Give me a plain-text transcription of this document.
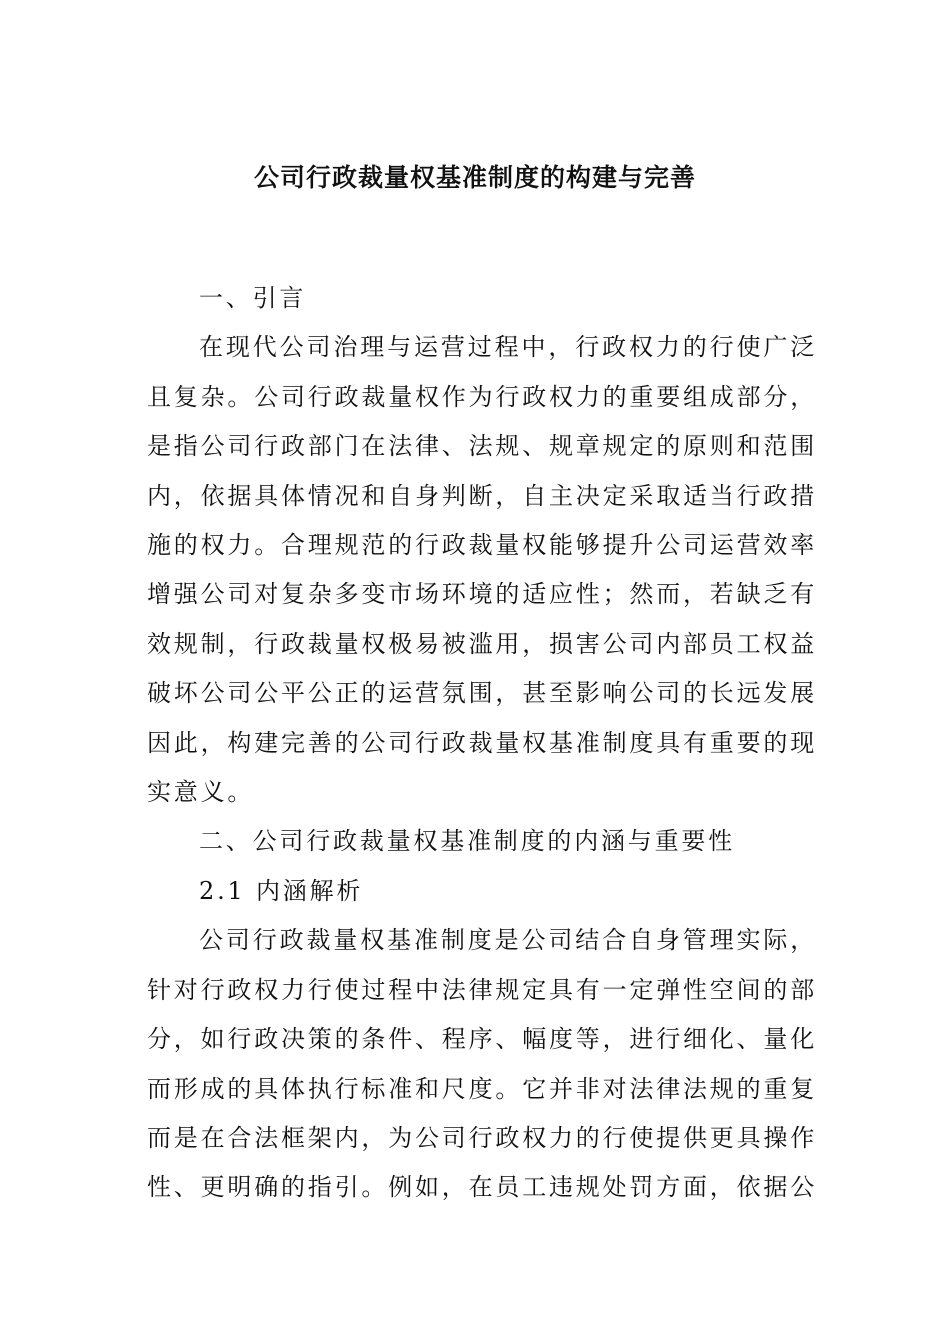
公司行政裁量权基准制度的构建与完善

一、引言

在现代公司治理与运营过程中，行政权力的行使广泛且复杂。公司行政裁量权作为行政权力的重要组成部分，是指公司行政部门在法律、法规、规章规定的原则和范围内，依据具体情况和自身判断，自主决定采取适当行政措施的权力。合理规范的行政裁量权能够提升公司运营效率增强公司对复杂多变市场环境的适应性；然而，若缺乏有效规制，行政裁量权极易被滥用，损害公司内部员工权益破坏公司公平公正的运营氛围，甚至影响公司的长远发展因此，构建完善的公司行政裁量权基准制度具有重要的现实意义。

二、公司行政裁量权基准制度的内涵与重要性

2.1 内涵解析

公司行政裁量权基准制度是公司结合自身管理实际，针对行政权力行使过程中法律规定具有一定弹性空间的部分，如行政决策的条件、程序、幅度等，进行细化、量化而形成的具体执行标准和尺度。它并非对法律法规的重复而是在合法框架内，为公司行政权力的行使提供更具操作性、更明确的指引。例如，在员工违规处罚方面，依据公
